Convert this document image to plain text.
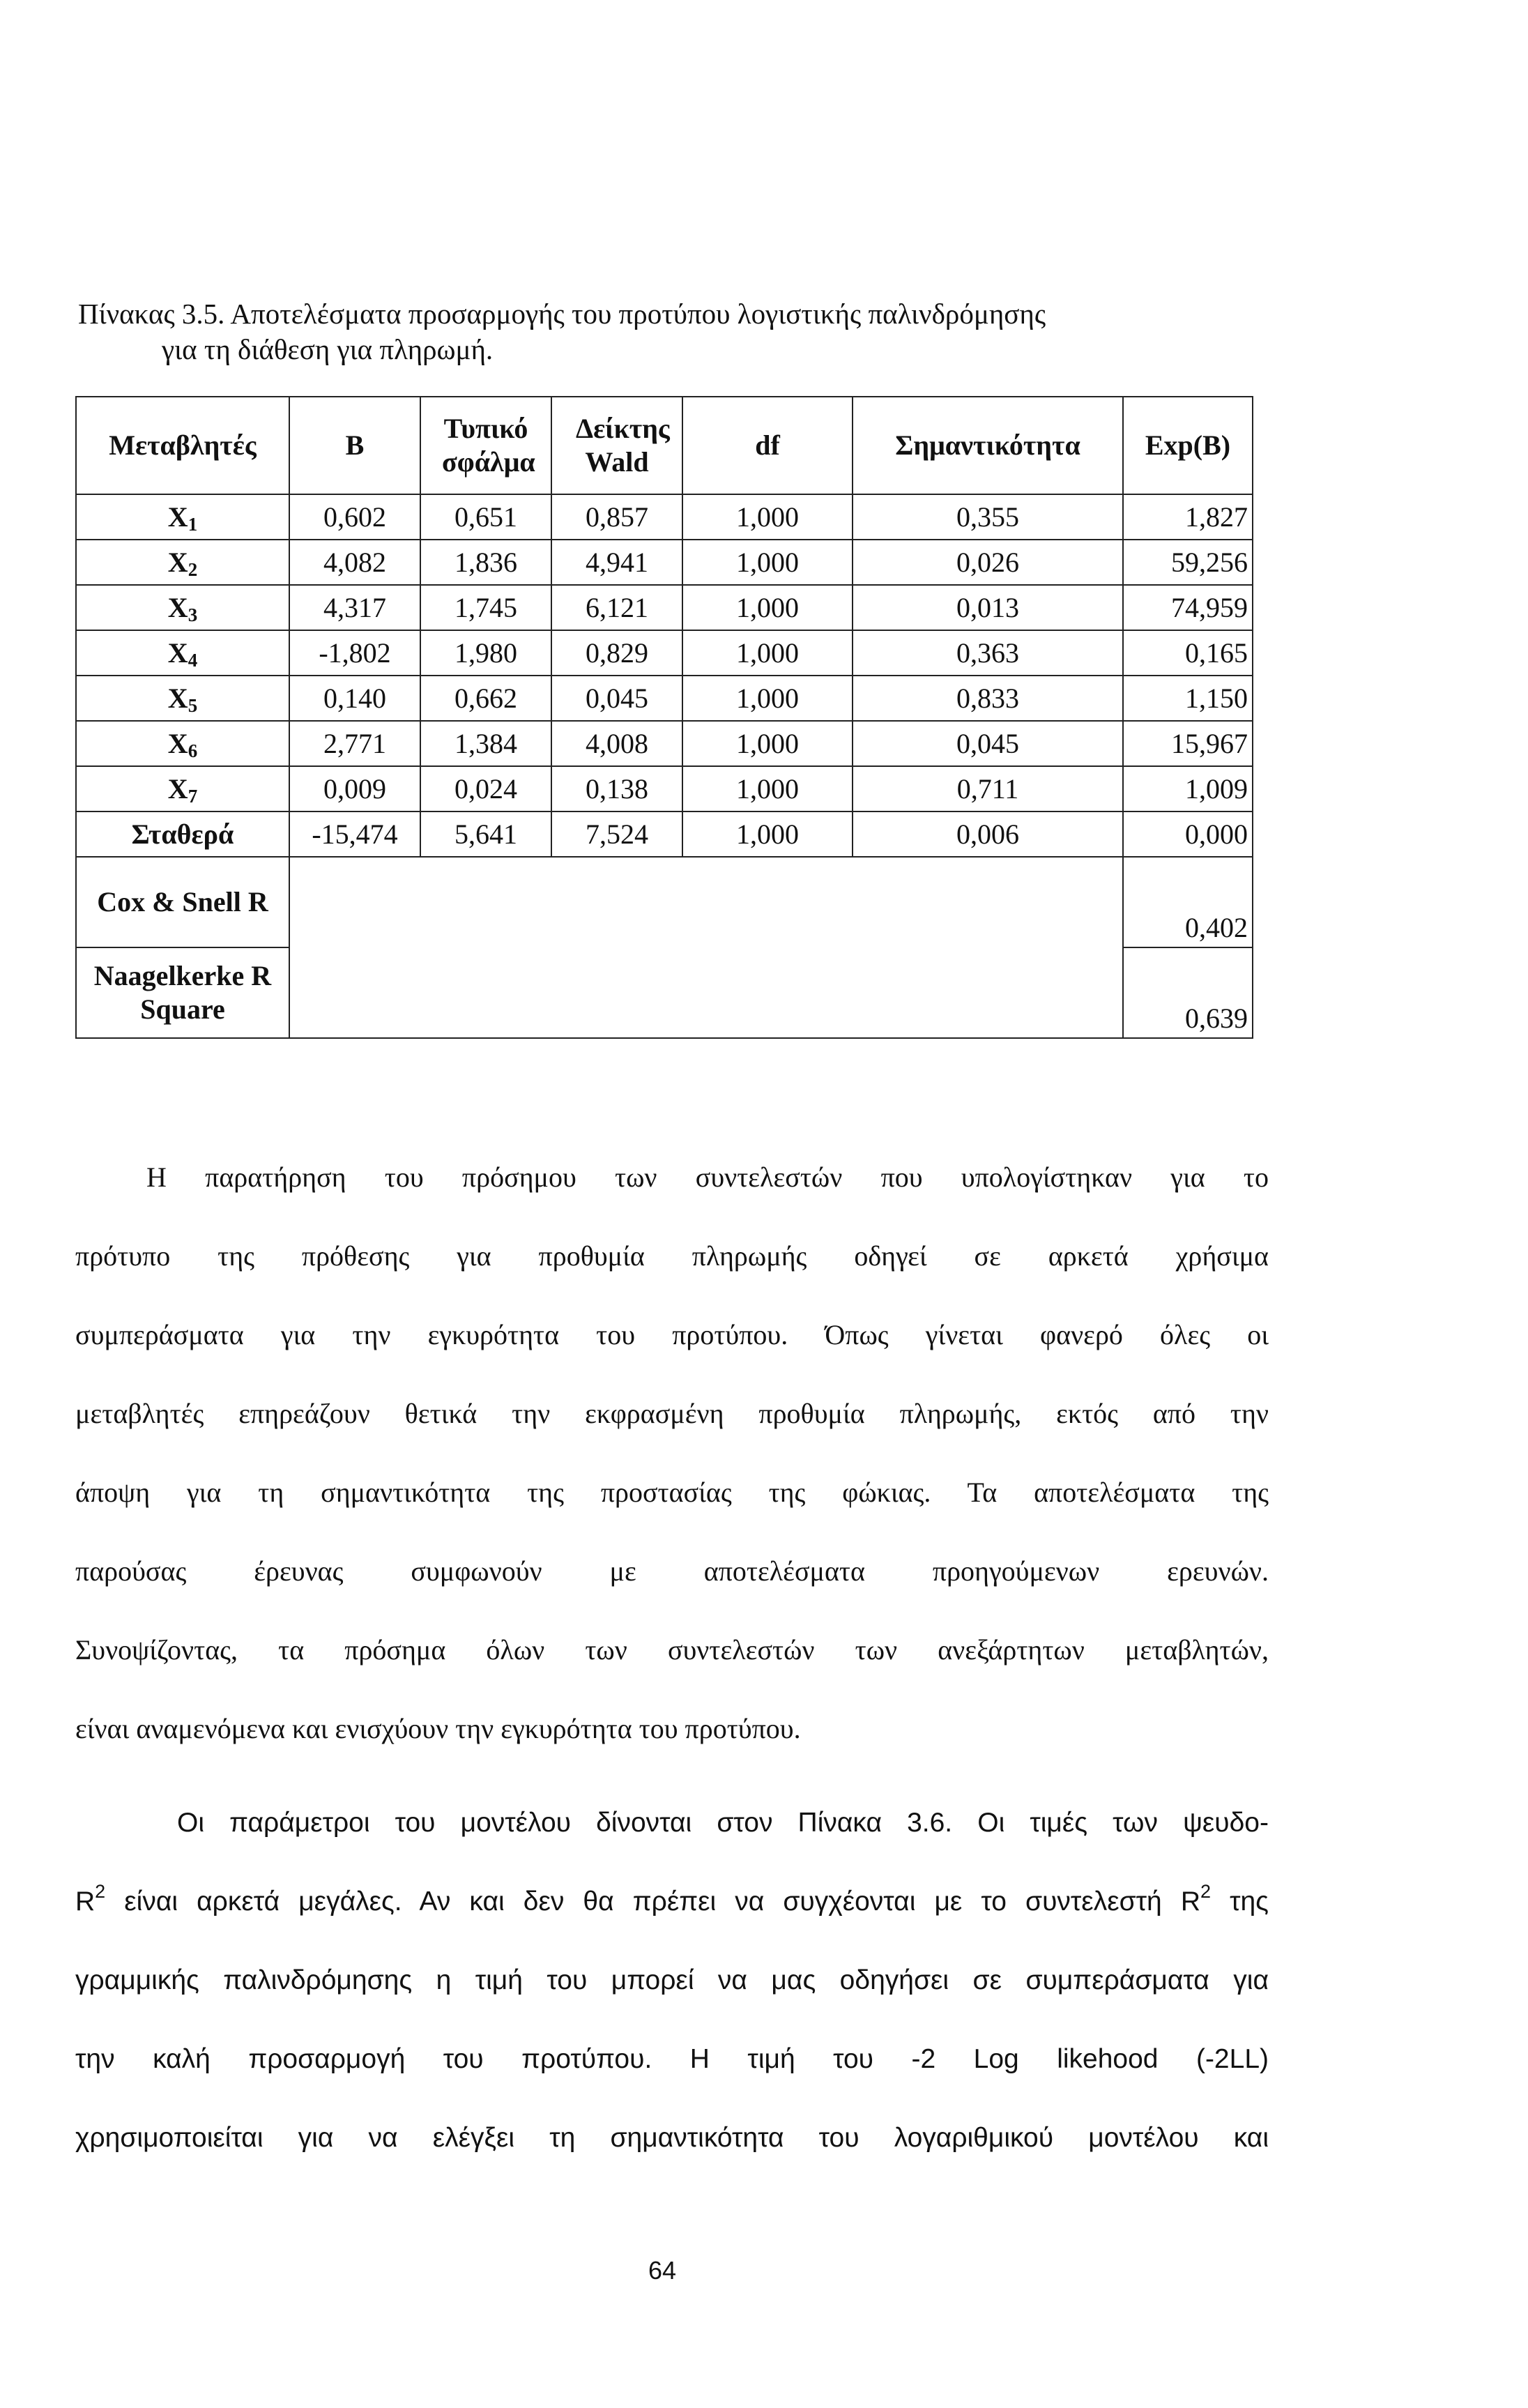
Πίνακας 3.5. Αποτελέσματα προσαρμογής του προτύπου λογιστικής παλινδρόμησης
για τη διάθεση για πληρωμή.
Μεταβλητές	B	Τυπικό σφάλμα	Δείκτης Wald	df	Σημαντικότητα	Exp(B)
$X_1$	0,602	0,651	0,857	1,000	0,355	1,827
$X_2$	4,082	1,836	4,941	1,000	0,026	59,256
$X_3$	4,317	1,745	6,121	1,000	0,013	74,959
$X_4$	-1,802	1,980	0,829	1,000	0,363	0,165
$X_5$	0,140	0,662	0,045	1,000	0,833	1,150
$X_6$	2,771	1,384	4,008	1,000	0,045	15,967
$X_7$	0,009	0,024	0,138	1,000	0,711	1,009
Σταθερά	-15,474	5,641	7,524	1,000	0,006	0,000
Cox & Snell R						0,402
Naagelkerke R Square						0,639
Η παρατήρηση του πρόσημου των συντελεστών που υπολογίστηκαν για το
πρότυπο της πρόθεσης για προθυμία πληρωμής οδηγεί σε αρκετά χρήσιμα
συμπεράσματα για την εγκυρότητα του προτύπου. Όπως γίνεται φανερό όλες οι
μεταβλητές επηρεάζουν θετικά την εκφρασμένη προθυμία πληρωμής, εκτός από την
άποψη για τη σημαντικότητα της προστασίας της φώκιας. Τα αποτελέσματα της
παρούσας έρευνας συμφωνούν με αποτελέσματα προηγούμενων ερευνών.
Συνοψίζοντας, τα πρόσημα όλων των συντελεστών των ανεξάρτητων μεταβλητών,
είναι αναμενόμενα και ενισχύουν την εγκυρότητα του προτύπου.
Οι παράμετροι του μοντέλου δίνονται στον Πίνακα 3.6. Οι τιμές των ψευδο-
$R^2$ είναι αρκετά μεγάλες. Αν και δεν θα πρέπει να συγχέονται με το συντελεστή $R^2$ της
γραμμικής παλινδρόμησης η τιμή του μπορεί να μας οδηγήσει σε συμπεράσματα για
την καλή προσαρμογή του προτύπου. Η τιμή του -2 Log likehood (-2LL)
χρησιμοποιείται για να ελέγξει τη σημαντικότητα του λογαριθμικού μοντέλου και
64
